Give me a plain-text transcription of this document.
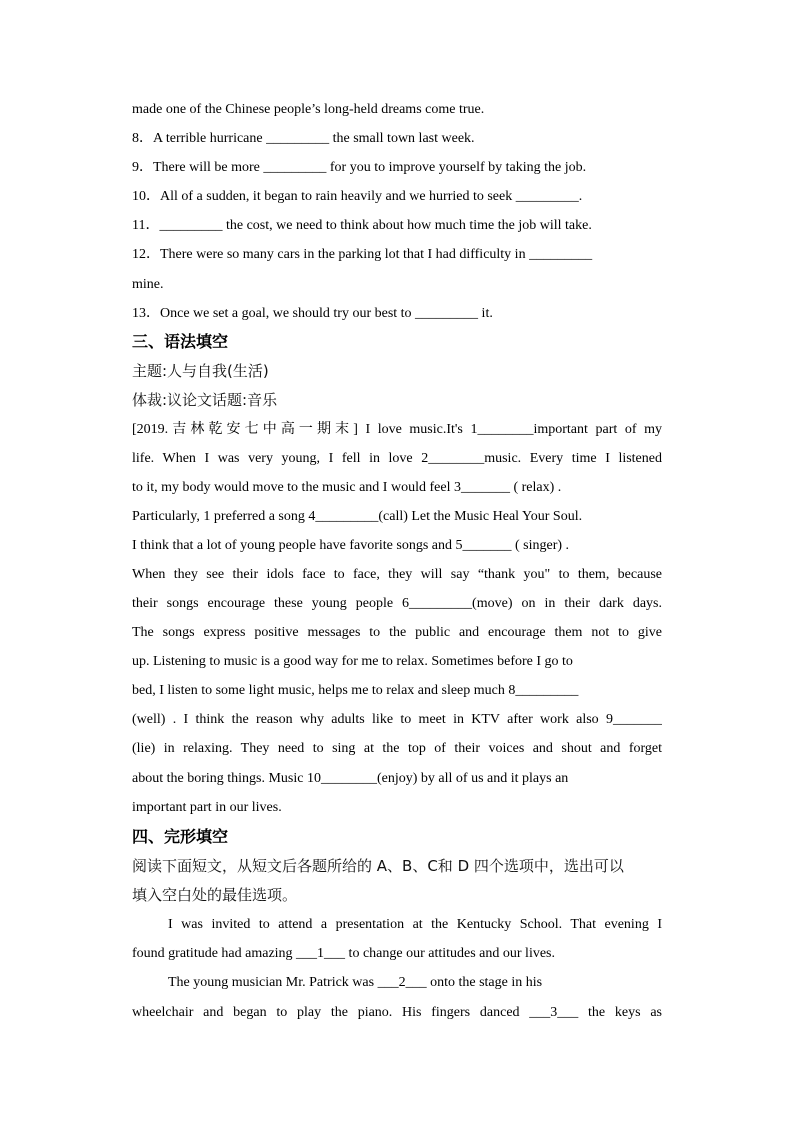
made one of the Chinese people’s long-held dreams come true.
8．A terrible hurricane _________ the small town last week.
9．There will be more _________ for you to improve yourself by taking the job.
10．All of a sudden, it began to rain heavily and we hurried to seek _________.
11．_________ the cost, we need to think about how much time the job will take.
12．There were so many cars in the parking lot that I had difficulty in _________
mine.
13．Once we set a goal, we should try our best to _________ it.
三、语法填空
主题:人与自我(生活)
体裁:议论文话题:音乐
[2019.吉林乾安七中高一期末] I love music.It's 1________important part of my
life. When I was very young, I fell in love 2________music. Every time I listened
to it, my body would move to the music and I would feel 3_______ ( relax) .
Particularly, 1 preferred a song 4_________(call) Let the Music Heal Your Soul.
I think that a lot of young people have favorite songs and 5_______ ( singer) .
When they see their idols face to face, they will say “thank you" to them, because
their songs encourage these young people 6_________(move) on in their dark days.
The songs express positive messages to the public and encourage them not to give
up. Listening to music is a good way for me to relax. Sometimes before I go to
bed, I listen to some light music, helps me to relax and sleep much 8_________
(well) . I think the reason why adults like to meet in KTV after work also 9_______
(lie) in relaxing. They need to sing at the top of their voices and shout and forget
about the boring things. Music 10________(enjoy) by all of us and it plays an
important part in our lives.
四、完形填空
阅读下面短文，从短文后各题所给的 A、B、C和 D 四个选项中，选出可以
填入空白处的最佳选项。
I was invited to attend a presentation at the Kentucky School. That evening I
found gratitude had amazing ___1___ to change our attitudes and our lives.
The young musician Mr. Patrick was ___2___ onto the stage in his
wheelchair and began to play the piano. His fingers danced ___3___ the keys as
